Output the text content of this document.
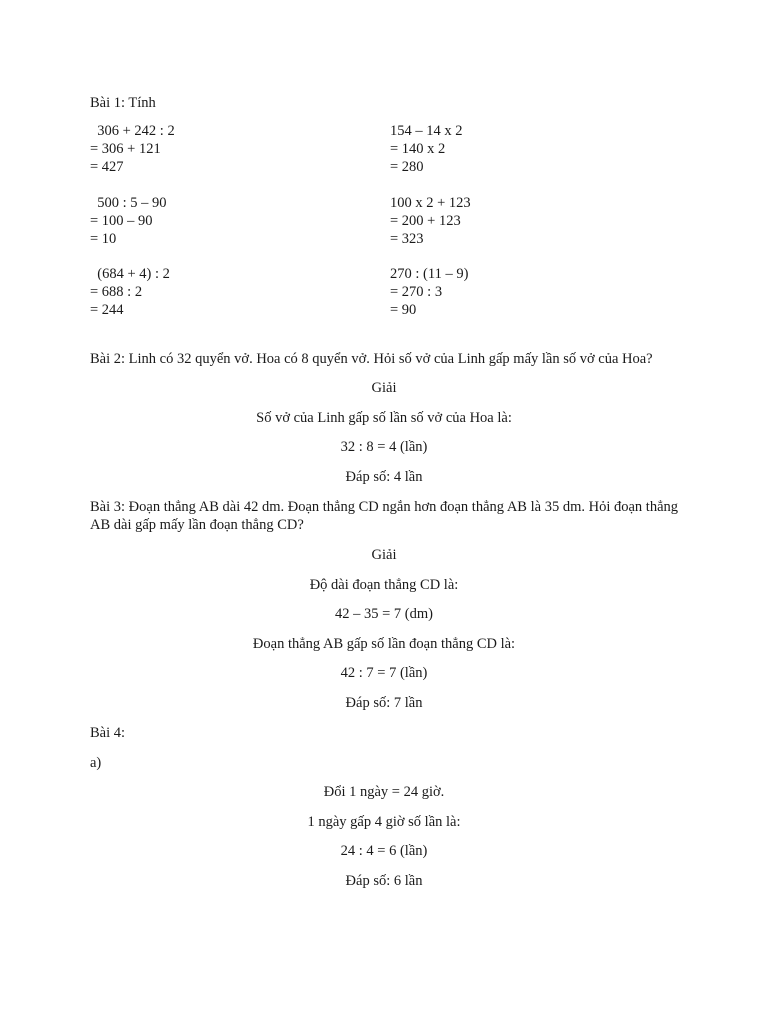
Bài 1: Tính
306 + 242 : 2
= 306 + 121
= 427
500 : 5 – 90
= 100 – 90
= 10
(684 + 4) : 2
= 688 : 2
= 244
154 – 14 x 2
= 140 x 2
= 280
100 x 2 + 123
= 200 + 123
= 323
270 : (11 – 9)
= 270 : 3
= 90
Bài 2: Linh có 32 quyển vở. Hoa có 8 quyển vở. Hỏi số vở của Linh gấp mấy lần số vở của Hoa?
Giải
Số vở của Linh gấp số lần số vở của Hoa là:
32 : 8 = 4 (lần)
Đáp số: 4 lần
Bài 3: Đoạn thẳng AB dài 42 dm. Đoạn thẳng CD ngắn hơn đoạn thẳng AB là 35 dm. Hỏi đoạn thẳng AB dài gấp mấy lần đoạn thẳng CD?
Giải
Độ dài đoạn thẳng CD là:
42 – 35 = 7 (dm)
Đoạn thẳng AB gấp số lần đoạn thẳng CD là:
42 : 7 = 7 (lần)
Đáp số: 7 lần
Bài 4:
a)
Đổi 1 ngày = 24 giờ.
1 ngày gấp 4 giờ số lần là:
24 : 4 = 6 (lần)
Đáp số: 6 lần
